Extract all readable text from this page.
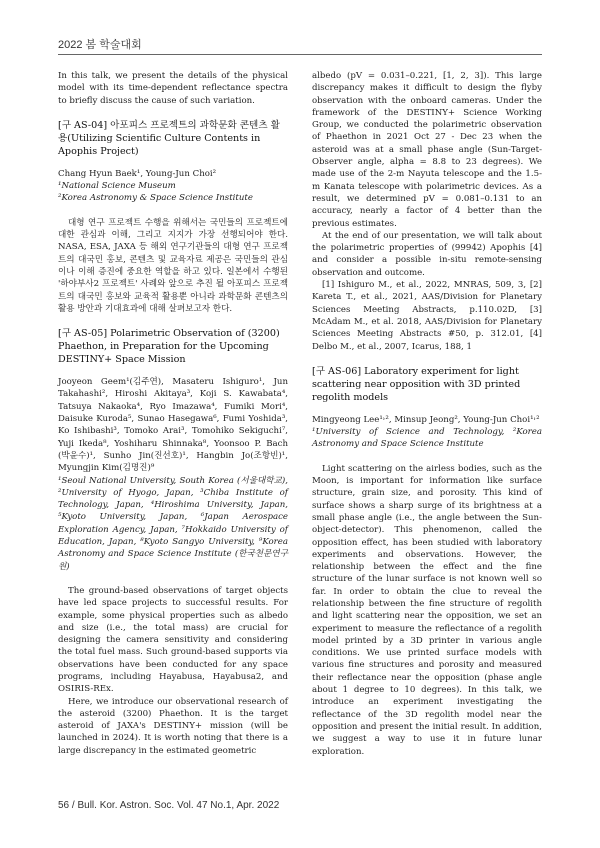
2022 봄 학술대회

In this talk, we present the details of the physical model with its time-dependent reflectance spectra to briefly discuss the cause of such variation.

[구 AS-04] 아포피스 프로젝트의 과학문화 콘텐츠 활용(Utilizing Scientific Culture Contents in Apophis Project)

Chang Hyun Baek¹, Young-Jun Choi²

¹National Science Museum

²Korea Astronomy & Space Science Institute

대형 연구 프로젝트 수행을 위해서는 국민들의 프로젝트에 대한 관심과 이해, 그리고 지지가 가장 선행되어야 한다. NASA, ESA, JAXA 등 해외 연구기관들의 대형 연구 프로젝트의 대국민 홍보, 콘텐츠 및 교육자료 제공은 국민들의 관심이나 이해 증진에 중요한 역할을 하고 있다. 일본에서 수행된 '하야부사2 프로젝트' 사례와 앞으로 추진 될 아포피스 프로젝트의 대국민 홍보와 교육적 활용뿐 아니라 과학문화 콘텐츠의 활용 방안과 기대효과에 대해 살펴보고자 한다.

[구 AS-05] Polarimetric Observation of (3200) Phaethon, in Preparation for the Upcoming DESTINY+ Space Mission

Jooyeon Geem¹(김주연), Masateru Ishiguro¹, Jun Takahashi², Hiroshi Akitaya³, Koji S. Kawabata⁴, Tatsuya Nakaoka⁴, Ryo Imazawa⁴, Fumiki Mori⁴, Daisuke Kuroda⁵, Sunao Hasegawa⁶, Fumi Yoshida³, Ko Ishibashi³, Tomoko Arai³, Tomohiko Sekiguchi⁷, Yuji Ikeda⁸, Yoshiharu Shinnaka⁸, Yoonsoo P. Bach (박윤수)¹, Sunho Jin(진선호)¹, Hangbin Jo(조항빈)¹, Myungjin Kim(김명진)⁹

¹Seoul National University, South Korea (서울대학교), ²University of Hyogo, Japan, ³Chiba Institute of Technology, Japan, ⁴Hiroshima University, Japan, ⁵Kyoto University, Japan, ⁶Japan Aerospace Exploration Agency, Japan, ⁷Hokkaido University of Education, Japan, ⁸Kyoto Sangyo University, ⁹Korea Astronomy and Space Science Institute (한국천문연구원)

The ground-based observations of target objects have led space projects to successful results. For example, some physical properties such as albedo and size (i.e., the total mass) are crucial for designing the camera sensitivity and considering the total fuel mass. Such ground-based supports via observations have been conducted for any space programs, including Hayabusa, Hayabusa2, and OSIRIS-REx.

Here, we introduce our observational research of the asteroid (3200) Phaethon. It is the target asteroid of JAXA's DESTINY+ mission (will be launched in 2024). It is worth noting that there is a large discrepancy in the estimated geometric

albedo (pV = 0.031–0.221, [1, 2, 3]). This large discrepancy makes it difficult to design the flyby observation with the onboard cameras. Under the framework of the DESTINY+ Science Working Group, we conducted the polarimetric observation of Phaethon in 2021 Oct 27 - Dec 23 when the asteroid was at a small phase angle (Sun-Target-Observer angle, alpha = 8.8 to 23 degrees). We made use of the 2-m Nayuta telescope and the 1.5-m Kanata telescope with polarimetric devices. As a result, we determined pV = 0.081–0.131 to an accuracy, nearly a factor of 4 better than the previous estimates.

At the end of our presentation, we will talk about the polarimetric properties of (99942) Apophis [4] and consider a possible in-situ remote-sensing observation and outcome.

[1] Ishiguro M., et al., 2022, MNRAS, 509, 3, [2] Kareta T., et al., 2021, AAS/Division for Planetary Sciences Meeting Abstracts, p.110.02D, [3] McAdam M., et al. 2018, AAS/Division for Planetary Sciences Meeting Abstracts #50, p. 312.01, [4] Delbo M., et al., 2007, Icarus, 188, 1

[구 AS-06] Laboratory experiment for light scattering near opposition with 3D printed regolith models

Mingyeong Lee¹˒², Minsup Jeong², Young-Jun Choi¹˒²

¹University of Science and Technology, ²Korea Astronomy and Space Science Institute

Light scattering on the airless bodies, such as the Moon, is important for information like surface structure, grain size, and porosity. This kind of surface shows a sharp surge of its brightness at a small phase angle (i.e., the angle between the Sun-object-detector). This phenomenon, called the opposition effect, has been studied with laboratory experiments and observations. However, the relationship between the effect and the fine structure of the lunar surface is not known well so far. In order to obtain the clue to reveal the relationship between the fine structure of regolith and light scattering near the opposition, we set an experiment to measure the reflectance of a regolith model printed by a 3D printer in various angle conditions. We use printed surface models with various fine structures and porosity and measured their reflectance near the opposition (phase angle about 1 degree to 10 degrees). In this talk, we introduce an experiment investigating the reflectance of the 3D regolith model near the opposition and present the initial result. In addition, we suggest a way to use it in future lunar exploration.

56 / Bull. Kor. Astron. Soc. Vol. 47 No.1, Apr. 2022
